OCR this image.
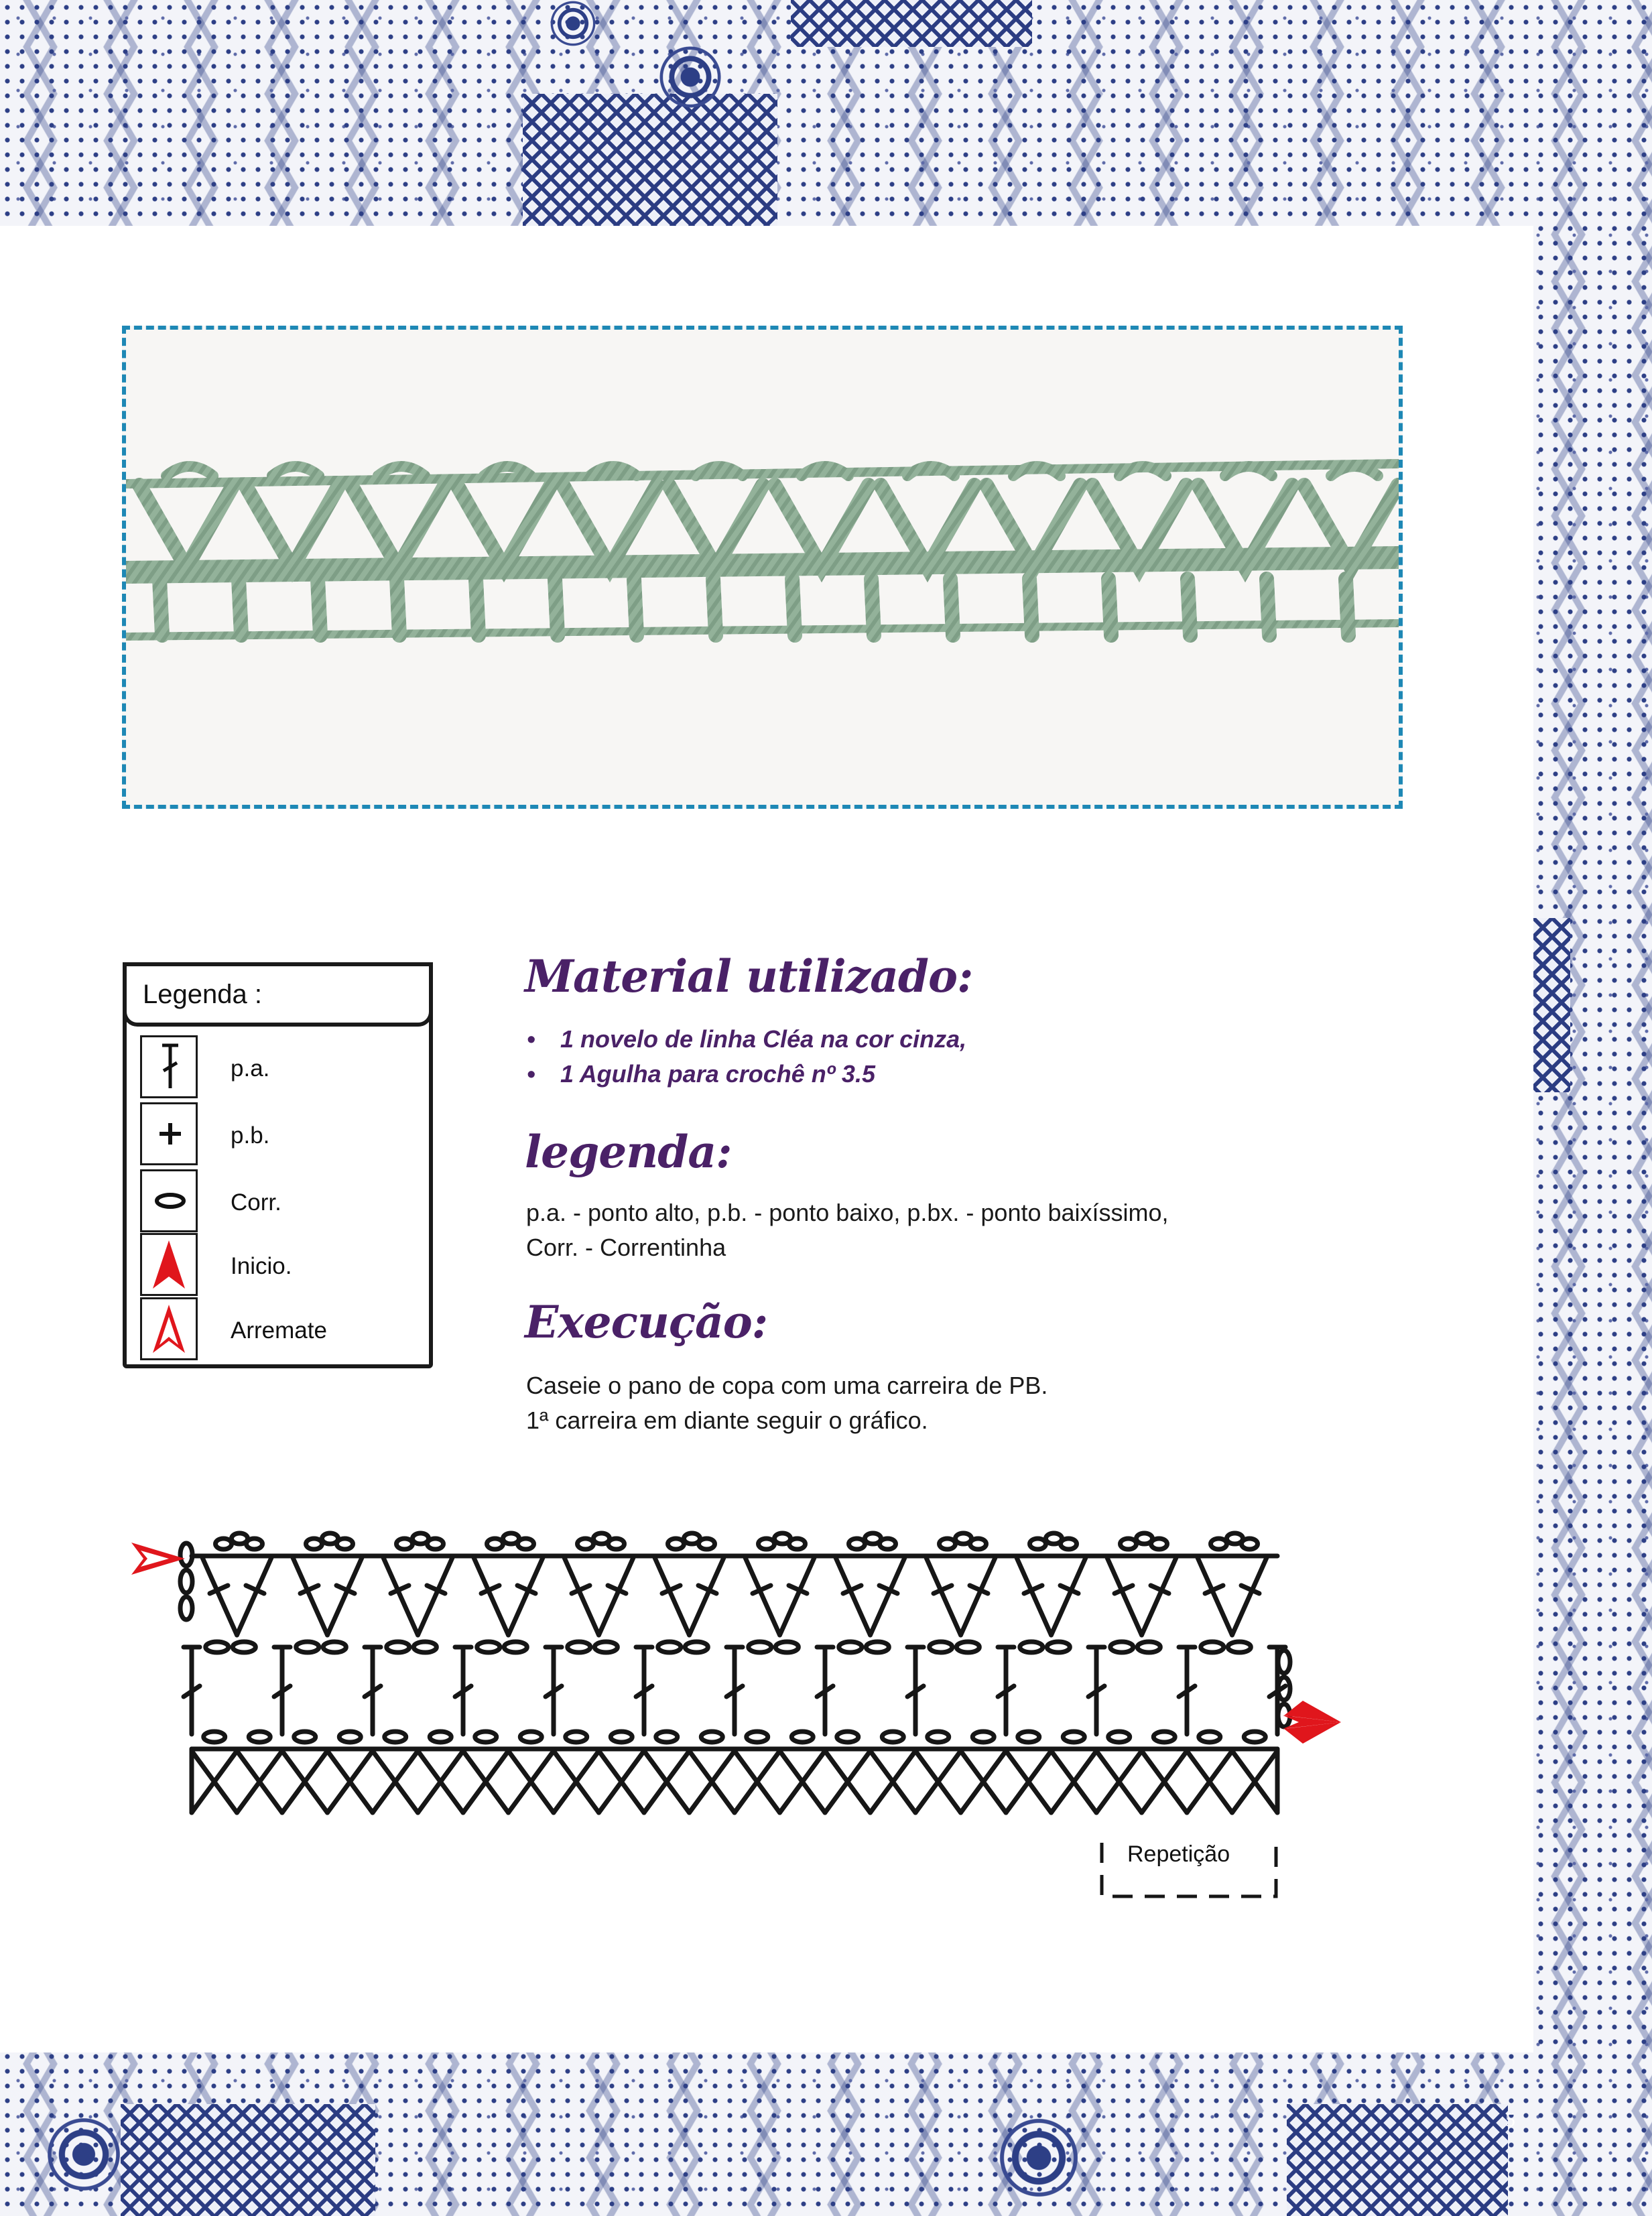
Legenda :
p.a.
p.b.
Corr.
Inicio.
Arremate
Material utilizado:
• 1 novelo de linha Cléa na cor cinza,
• 1 Agulha para crochê nº 3.5
legenda:

p.a. - ponto alto, p.b. - ponto baixo, p.bx. - ponto baixíssimo,

Corr. - Correntinha

Execução:

Caseie o pano de copa com uma carreira de PB.

1ª carreira em diante seguir o gráfico.

Repetição
5
